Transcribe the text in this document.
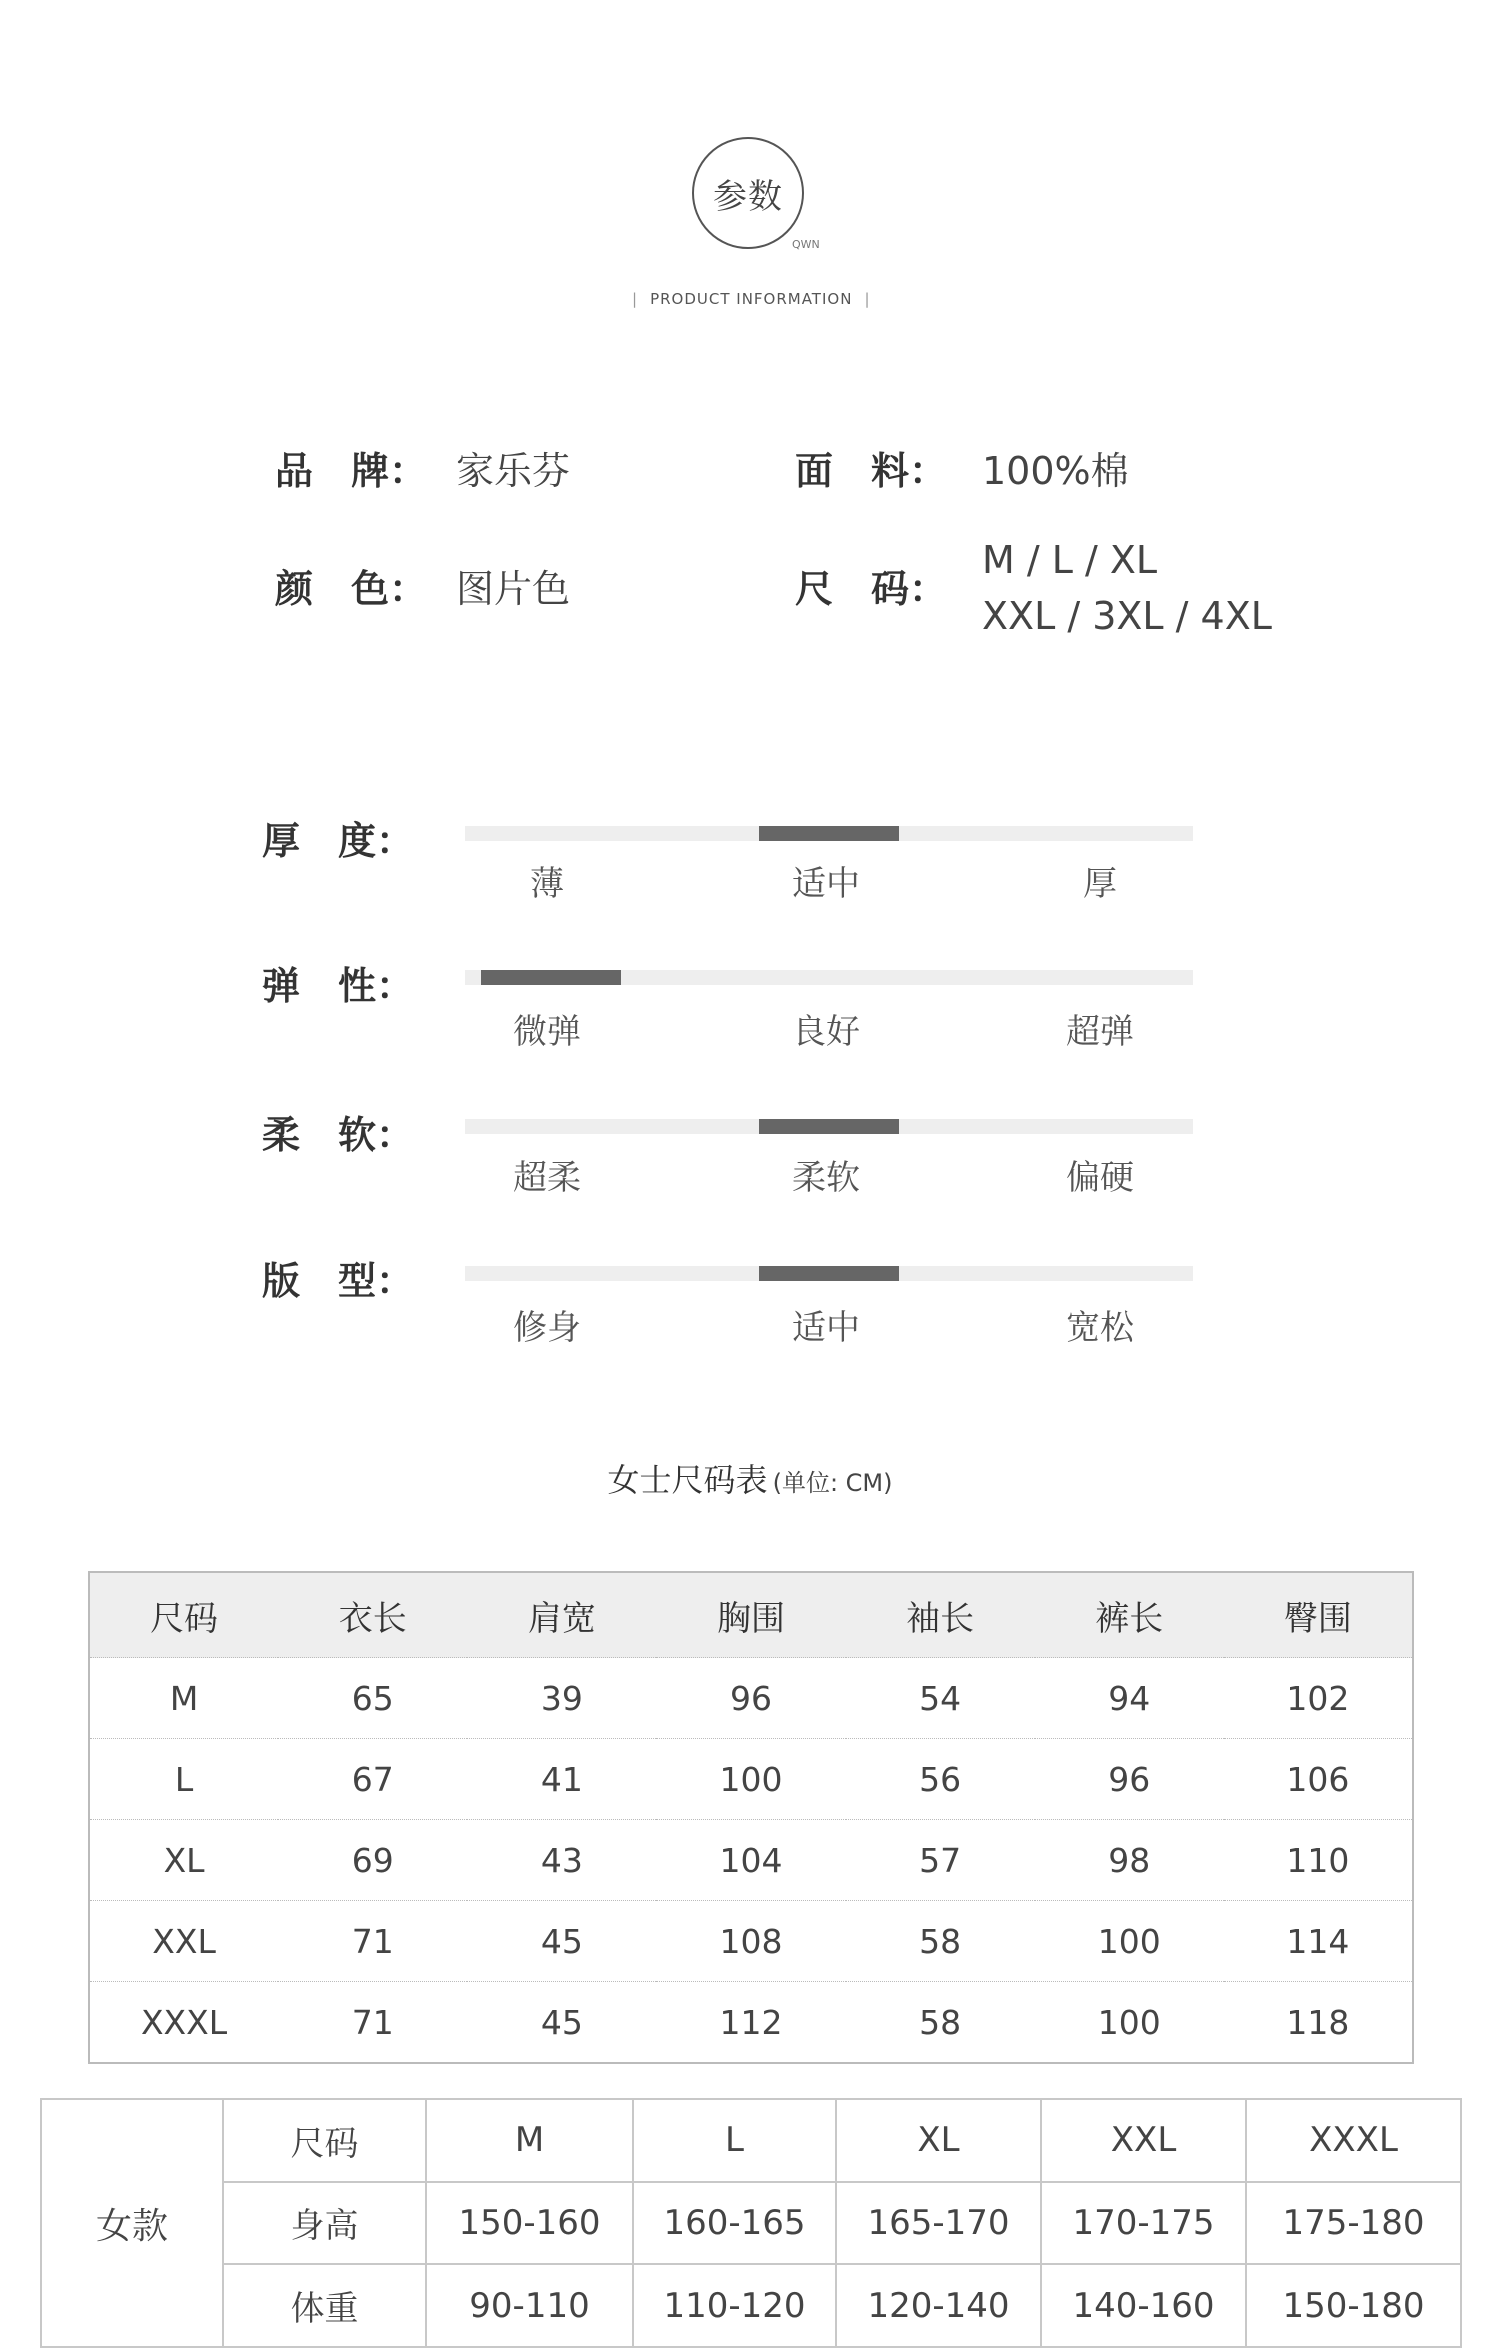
参数
QWN
| PRODUCT INFORMATION |
品　牌： 家乐芬	面　料： 100%棉
颜　色： 图片色	尺　码：
M / L / XL
XXL / 3XL / 4XL
厚　度：
薄	适中	厚
弹　性：
微弹	良好	超弹
柔　软：
超柔	柔软	偏硬
版　型：
修身	适中	宽松
女士尺码表 (单位: CM)
尺码	衣长	肩宽	胸围	袖长	裤长	臀围
M	65	39	96	54	94	102
L	67	41	100	56	96	106
XL	69	43	104	57	98	110
XXL	71	45	108	58	100	114
XXXL	71	45	112	58	100	118
女款	尺码	M	L	XL	XXL	XXXL
	身高	150-160	160-165	165-170	170-175	175-180
	体重	90-110	110-120	120-140	140-160	150-180
